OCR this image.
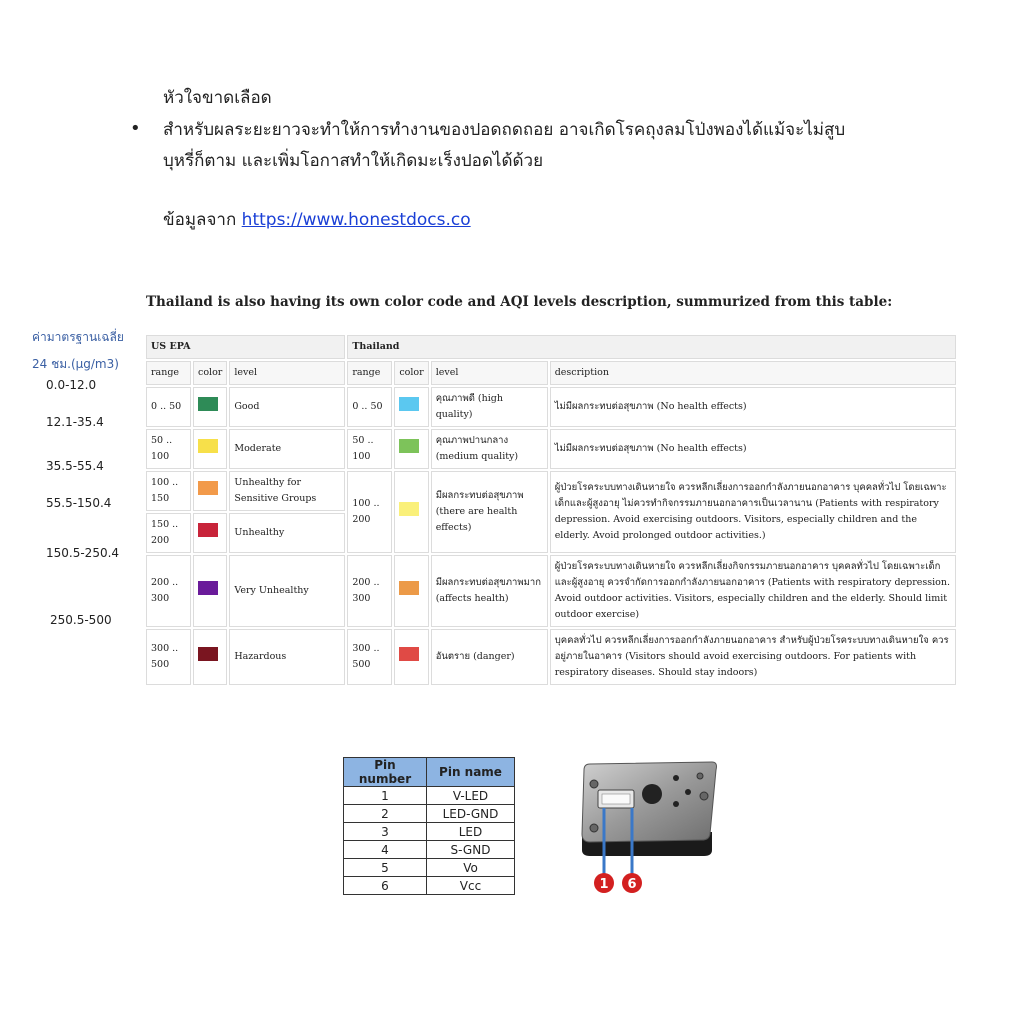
หัวใจขาดเลือด
• สำหรับผลระยะยาวจะทำให้การทำงานของปอดถดถอย อาจเกิดโรคถุงลมโป่งพองได้แม้จะไม่สูบ
บุหรี่ก็ตาม และเพิ่มโอกาสทำให้เกิดมะเร็งปอดได้ด้วย
ข้อมูลจาก https://www.honestdocs.co
Thailand is also having its own color code and AQI levels description, summurized from this table:
ค่ามาตรฐานเฉลี่ย
24 ชม.(µg/m3)
0.0-12.0
12.1-35.4
35.5-55.4
55.5-150.4
150.5-250.4
250.5-500
US EPA			Thailand			
range	color	level	range	color	level	description
0 .. 50		Good	0 .. 50		คุณภาพดี (high quality)	ไม่มีผลกระทบต่อสุขภาพ (No health effects)
50 .. 100		Moderate	50 .. 100		คุณภาพปานกลาง (medium quality)	ไม่มีผลกระทบต่อสุขภาพ (No health effects)
100 .. 150		Unhealthy for Sensitive Groups	100 .. 200		มีผลกระทบต่อสุขภาพ (there are health effects)	ผู้ป่วยโรคระบบทางเดินหายใจ ควรหลีกเลี่ยงการออกกำลังภายนอกอาคาร บุคคลทั่วไป โดยเฉพาะเด็กและผู้สูงอายุ ไม่ควรทำกิจกรรมภายนอกอาคารเป็นเวลานาน (Patients with respiratory depression. Avoid exercising outdoors. Visitors, especially children and the elderly. Avoid prolonged outdoor activities.)
150 .. 200		Unhealthy				
200 .. 300		Very Unhealthy	200 .. 300		มีผลกระทบต่อสุขภาพมาก (affects health)	ผู้ป่วยโรคระบบทางเดินหายใจ ควรหลีกเลี่ยงกิจกรรมภายนอกอาคาร บุคคลทั่วไป โดยเฉพาะเด็กและผู้สูงอายุ ควรจำกัดการออกกำลังภายนอกอาคาร (Patients with respiratory depression. Avoid outdoor activities. Visitors, especially children and the elderly. Should limit outdoor exercise)
300 .. 500		Hazardous	300 .. 500		อันตราย (danger)	บุคคลทั่วไป ควรหลีกเลี่ยงการออกกำลังภายนอกอาคาร สำหรับผู้ป่วยโรคระบบทางเดินหายใจ ควรอยู่ภายในอาคาร (Visitors should avoid exercising outdoors. For patients with respiratory diseases. Should stay indoors)
Pin number	Pin name
1	V-LED
2	LED-GND
3	LED
4	S-GND
5	Vo
6	Vcc	1 6
